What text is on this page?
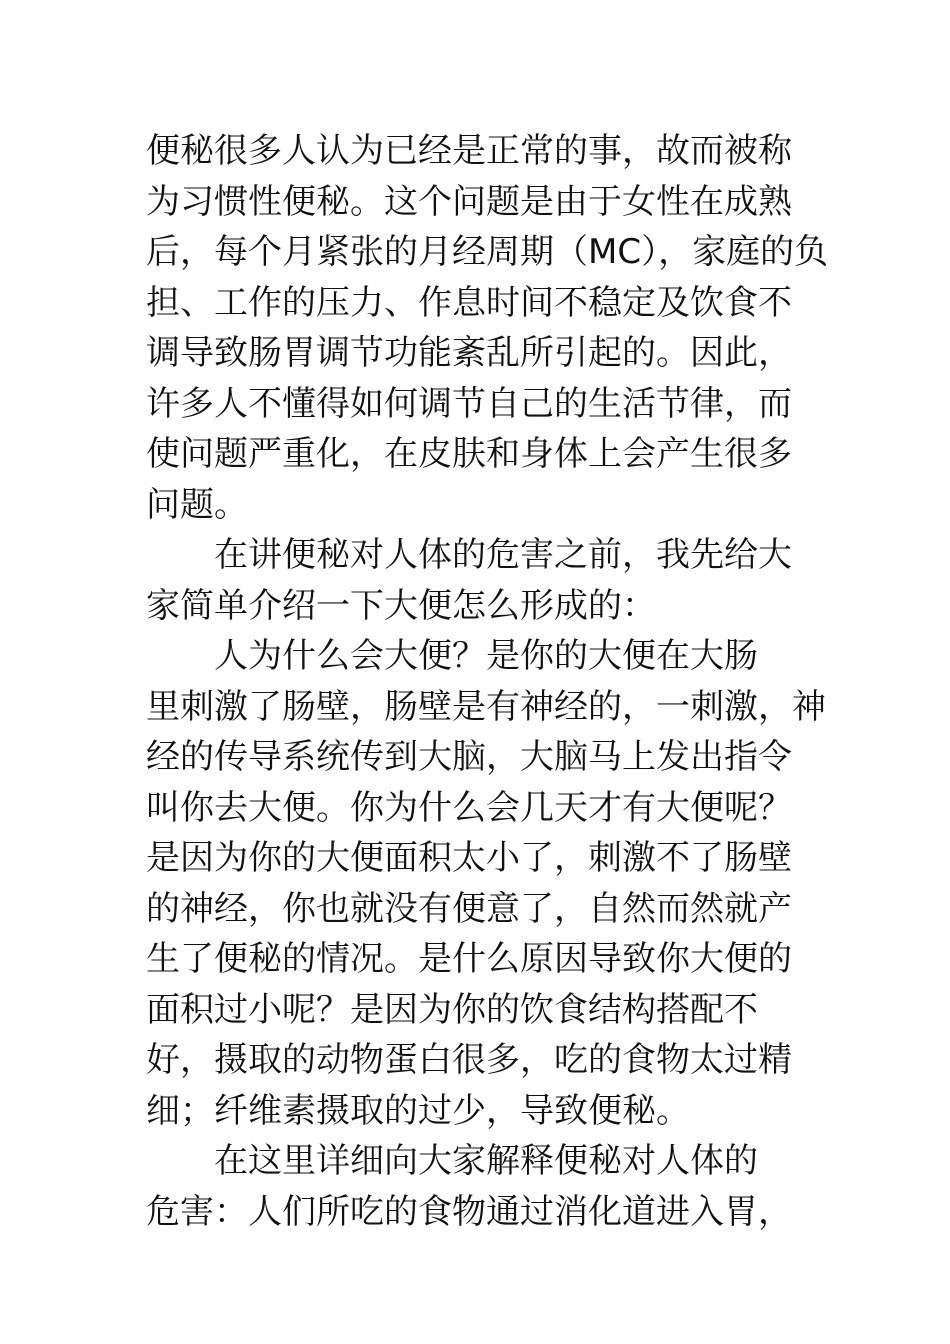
便秘很多人认为已经是正常的事，故而被称
为习惯性便秘。这个问题是由于女性在成熟
后，每个月紧张的月经周期（MC），家庭的负
担、工作的压力、作息时间不稳定及饮食不
调导致肠胃调节功能紊乱所引起的。因此，
许多人不懂得如何调节自己的生活节律，而
使问题严重化，在皮肤和身体上会产生很多
问题。
在讲便秘对人体的危害之前，我先给大
家简单介绍一下大便怎么形成的：
人为什么会大便？是你的大便在大肠
里刺激了肠壁，肠壁是有神经的，一刺激，神
经的传导系统传到大脑，大脑马上发出指令
叫你去大便。你为什么会几天才有大便呢？
是因为你的大便面积太小了，刺激不了肠壁
的神经，你也就没有便意了，自然而然就产
生了便秘的情况。是什么原因导致你大便的
面积过小呢？是因为你的饮食结构搭配不
好，摄取的动物蛋白很多，吃的食物太过精
细；纤维素摄取的过少，导致便秘。
在这里详细向大家解释便秘对人体的
危害：人们所吃的食物通过消化道进入胃，
